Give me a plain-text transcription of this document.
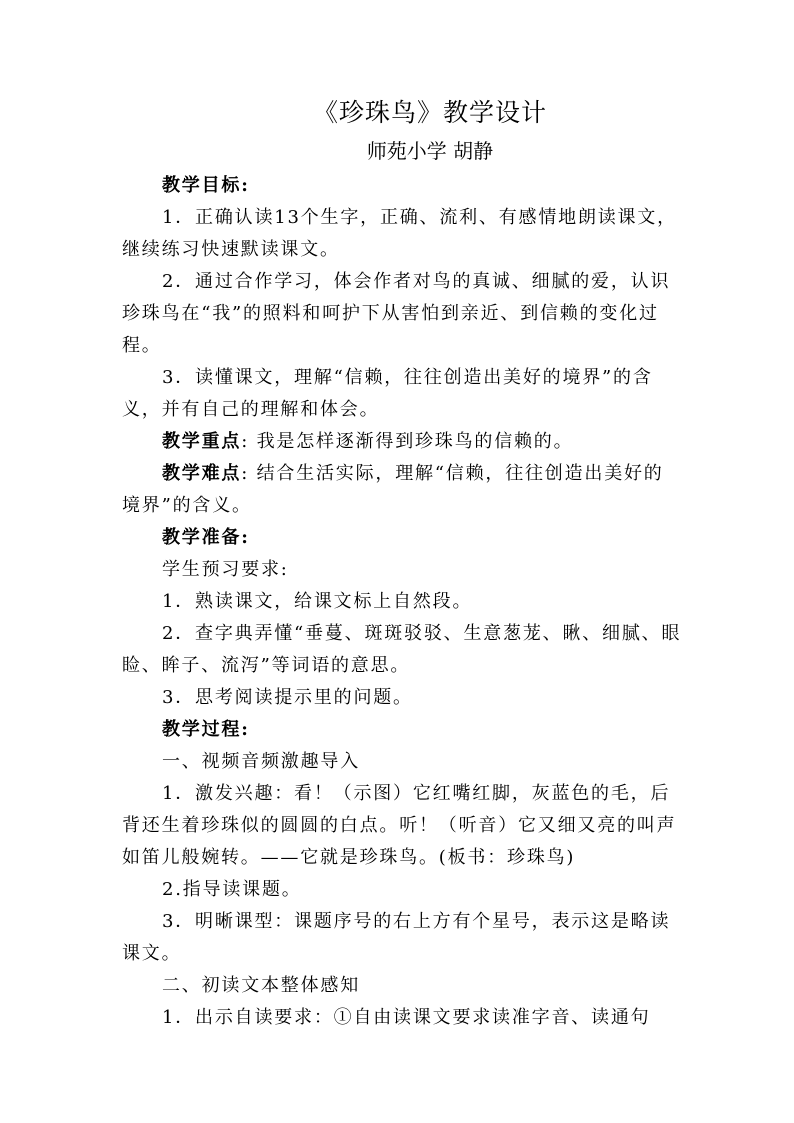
《珍珠鸟》教学设计
师苑小学 胡静

教学目标:

1．正确认读13个生字，正确、流利、有感情地朗读课文，继续练习快速默读课文。

2．通过合作学习，体会作者对鸟的真诚、细腻的爱，认识珍珠鸟在“我”的照料和呵护下从害怕到亲近、到信赖的变化过程。

3．读懂课文，理解“信赖，往往创造出美好的境界”的含义，并有自己的理解和体会。

教学重点: 我是怎样逐渐得到珍珠鸟的信赖的。

教学难点: 结合生活实际，理解“信赖，往往创造出美好的境界”的含义。

教学准备:

学生预习要求:

1．熟读课文，给课文标上自然段。

2．查字典弄懂“垂蔓、斑斑驳驳、生意葱茏、瞅、细腻、眼睑、眸子、流泻”等词语的意思。

3．思考阅读提示里的问题。

教学过程:

一、视频音频激趣导入

1．激发兴趣：看！（示图）它红嘴红脚，灰蓝色的毛，后背还生着珍珠似的圆圆的白点。听！（听音）它又细又亮的叫声如笛儿般婉转。——它就是珍珠鸟。(板书：珍珠鸟)

2.指导读课题。

3．明晰课型：课题序号的右上方有个星号，表示这是略读课文。

二、初读文本整体感知

1．出示自读要求：①自由读课文要求读准字音、读通句
